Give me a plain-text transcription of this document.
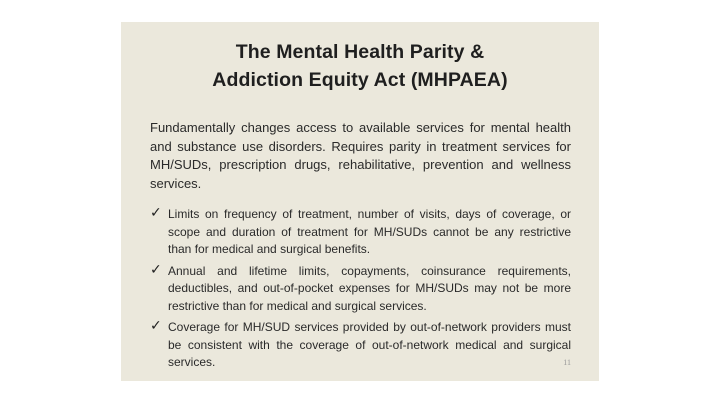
The Mental Health Parity &
Addiction Equity Act (MHPAEA)
Fundamentally changes access to available services for mental health and substance use disorders. Requires parity in treatment services for MH/SUDs, prescription drugs, rehabilitative, prevention and wellness services.
✓ Limits on frequency of treatment, number of visits, days of coverage, or scope and duration of treatment for MH/SUDs cannot be any restrictive than for medical and surgical benefits.
✓ Annual and lifetime limits, copayments, coinsurance requirements, deductibles, and out-of-pocket expenses for MH/SUDs may not be more restrictive than for medical and surgical services.
✓ Coverage for MH/SUD services provided by out-of-network providers must be consistent with the coverage of out-of-network medical and surgical services.	11
